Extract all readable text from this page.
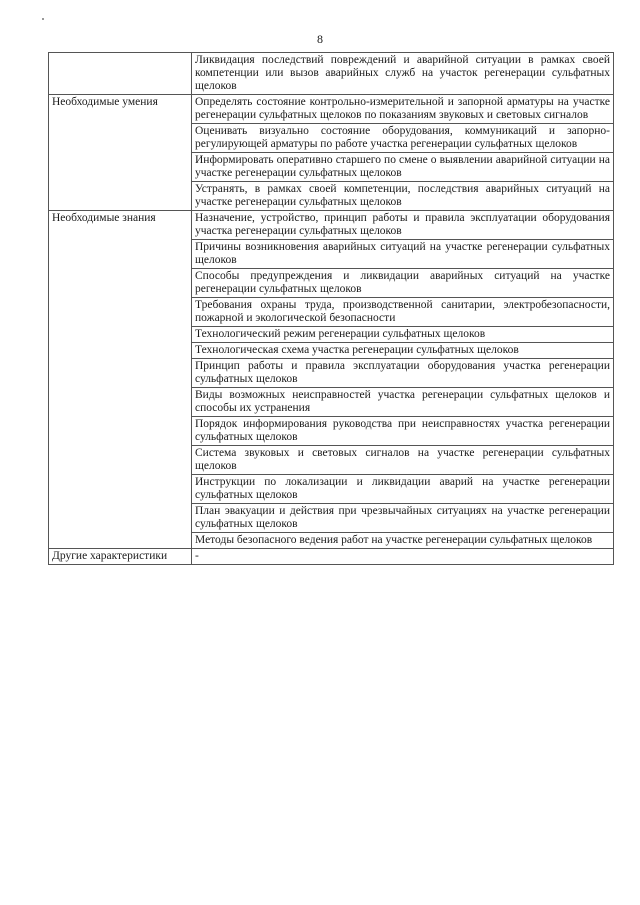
8
	Ликвидация последствий повреждений и аварийной ситуации в рамках своей компетенции или вызов аварийных служб на участок регенерации сульфатных щелоков
Необходимые умения	Определять состояние контрольно-измерительной и запорной арматуры на участке регенерации сульфатных щелоков по показаниям звуковых и световых сигналов
	Оценивать визуально состояние оборудования, коммуникаций и запорно-регулирующей арматуры по работе участка регенерации сульфатных щелоков
	Информировать оперативно старшего по смене о выявлении аварийной ситуации на участке регенерации сульфатных щелоков
	Устранять, в рамках своей компетенции, последствия аварийных ситуаций на участке регенерации сульфатных щелоков
Необходимые знания	Назначение, устройство, принцип работы и правила эксплуатации оборудования участка регенерации сульфатных щелоков
	Причины возникновения аварийных ситуаций на участке регенерации сульфатных щелоков
	Способы предупреждения и ликвидации аварийных ситуаций на участке регенерации сульфатных щелоков
	Требования охраны труда, производственной санитарии, электробезопасности, пожарной и экологической безопасности
	Технологический режим регенерации сульфатных щелоков
	Технологическая схема участка регенерации сульфатных щелоков
	Принцип работы и правила эксплуатации оборудования участка регенерации сульфатных щелоков
	Виды возможных неисправностей участка регенерации сульфатных щелоков и способы их устранения
	Порядок информирования руководства при неисправностях участка регенерации сульфатных щелоков
	Система звуковых и световых сигналов на участке регенерации сульфатных щелоков
	Инструкции по локализации и ликвидации аварий на участке регенерации сульфатных щелоков
	План эвакуации и действия при чрезвычайных ситуациях на участке регенерации сульфатных щелоков
	Методы безопасного ведения работ на участке регенерации сульфатных щелоков
Другие характеристики	-
